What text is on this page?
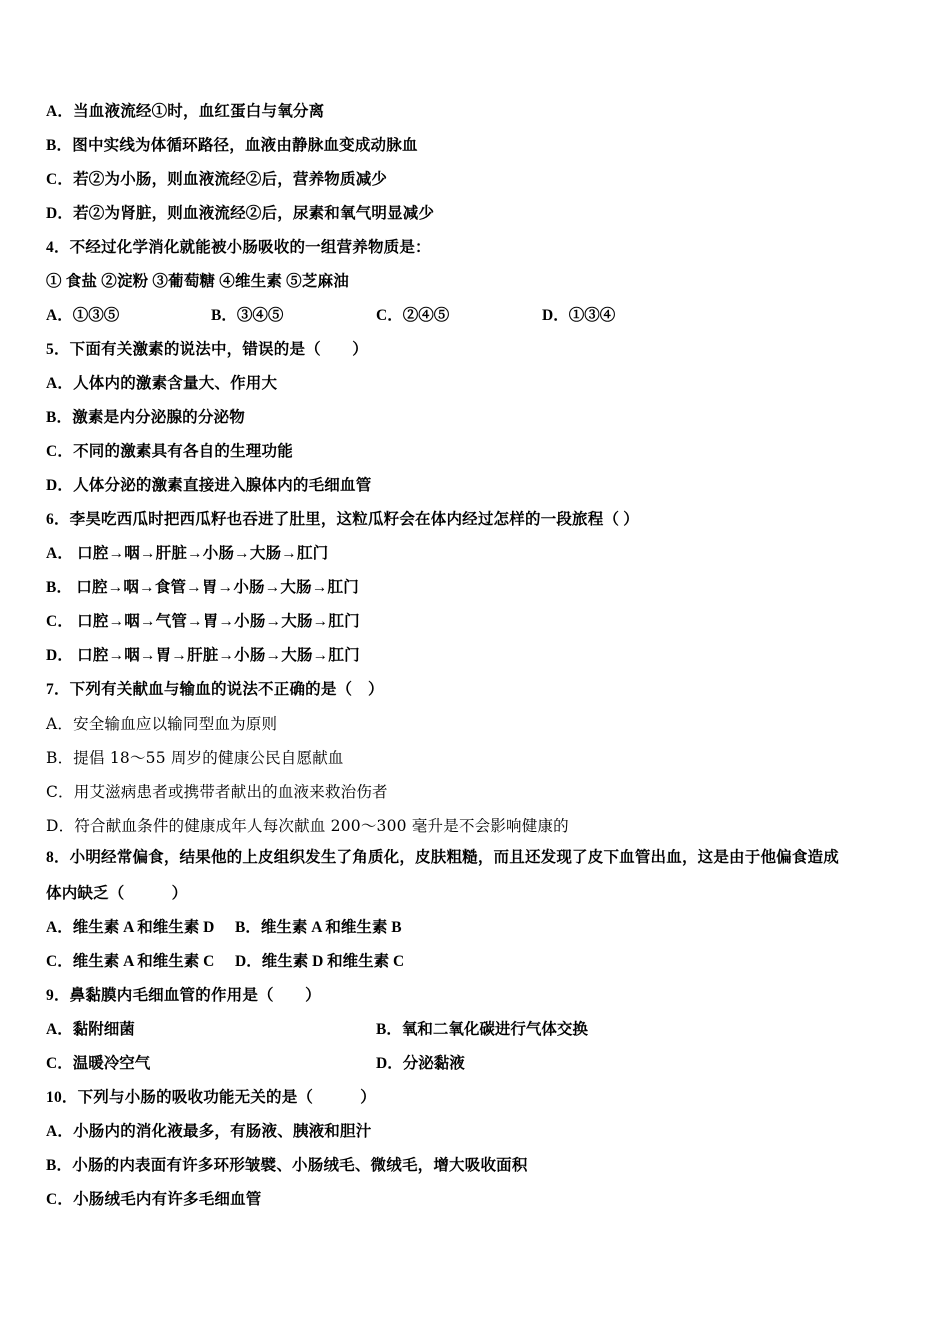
A．当血液流经①时，血红蛋白与氧分离
B．图中实线为体循环路径，血液由静脉血变成动脉血
C．若②为小肠，则血液流经②后，营养物质减少
D．若②为肾脏，则血液流经②后，尿素和氧气明显减少
4．不经过化学消化就能被小肠吸收的一组营养物质是：
① 食盐 ②淀粉 ③葡萄糖 ④维生素 ⑤芝麻油
A．①③⑤	B．③④⑤	C．②④⑤	D．①③④
5．下面有关激素的说法中，错误的是（　　）
A．人体内的激素含量大、作用大
B．激素是内分泌腺的分泌物
C．不同的激素具有各自的生理功能
D．人体分泌的激素直接进入腺体内的毛细血管
6．李昊吃西瓜时把西瓜籽也吞进了肚里，这粒瓜籽会在体内经过怎样的一段旅程（ ）
A． 口腔→咽→肝脏→小肠→大肠→肛门
B． 口腔→咽→食管→胃→小肠→大肠→肛门
C． 口腔→咽→气管→胃→小肠→大肠→肛门
D． 口腔→咽→胃→肝脏→小肠→大肠→肛门
7．下列有关献血与输血的说法不正确的是（　）
A．安全输血应以输同型血为原则
B．提倡 18～55 周岁的健康公民自愿献血
C．用艾滋病患者或携带者献出的血液来救治伤者
D．符合献血条件的健康成年人每次献血 200～300 毫升是不会影响健康的
8．小明经常偏食，结果他的上皮组织发生了角质化，皮肤粗糙，而且还发现了皮下血管出血，这是由于他偏食造成
体内缺乏（　　　）
A．维生素 A 和维生素 D B．维生素 A 和维生素 B
C．维生素 A 和维生素 C D．维生素 D 和维生素 C
9．鼻黏膜内毛细血管的作用是（　　）
A．黏附细菌	B．氧和二氧化碳进行气体交换
C．温暖冷空气	D．分泌黏液
10．下列与小肠的吸收功能无关的是（　　　）
A．小肠内的消化液最多，有肠液、胰液和胆汁
B．小肠的内表面有许多环形皱襞、小肠绒毛、微绒毛，增大吸收面积
C．小肠绒毛内有许多毛细血管
